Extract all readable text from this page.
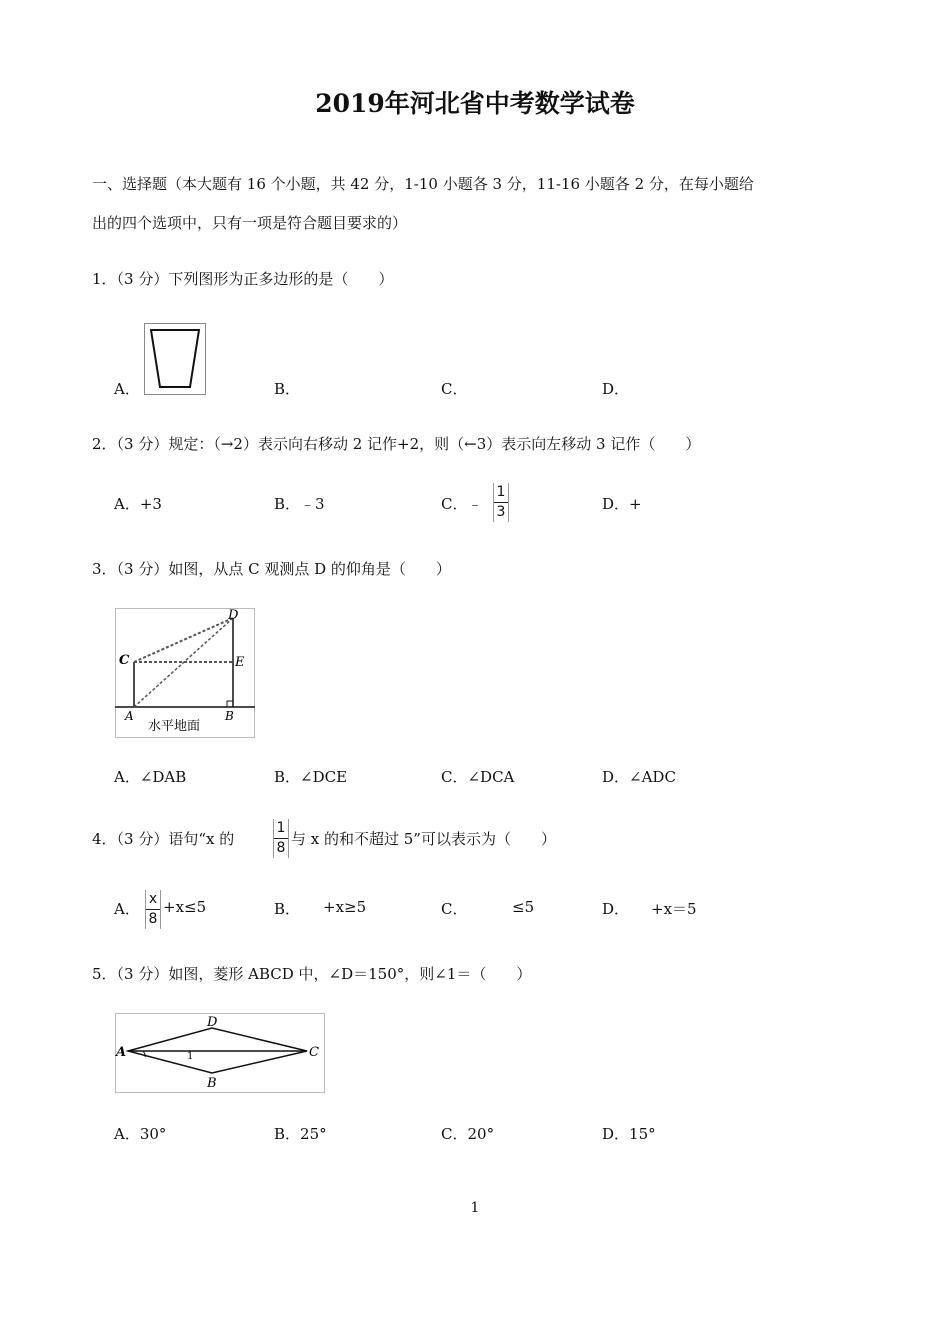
2019年河北省中考数学试卷
一、选择题（本大题有 16 个小题，共 42 分，1-10 小题各 3 分，11-16 小题各 2 分，在每小题给
出的四个选项中，只有一项是符合题目要求的）
1．（3 分）下列图形为正多边形的是（　　）
A．	B．	C．	D．
2．（3 分）规定：（→2）表示向右移动 2 记作+2，则（←3）表示向左移动 3 记作（　　）
A．+3	B．﹣3	C．﹣ $\frac{1}{3}$	D．+
3．（3 分）如图，从点 C 观测点 D 的仰角是（　　）
D
C	E
A	B
水平地面
A．∠DAB	B．∠DCE	C．∠DCA	D．∠ADC
4．（3 分）语句“x 的	$\frac{1}{8}$ 与 x 的和不超过 5”可以表示为（　　）
A． $\frac{x}{8} +x\le 5$	B． +x≥5	C．	≤5	D． +x＝5
5．（3 分）如图，菱形 ABCD 中，∠D＝150°，则∠1＝（　　）
D
A	C
B
1
A．30°	B．25°	C．20°	D．15°
1
